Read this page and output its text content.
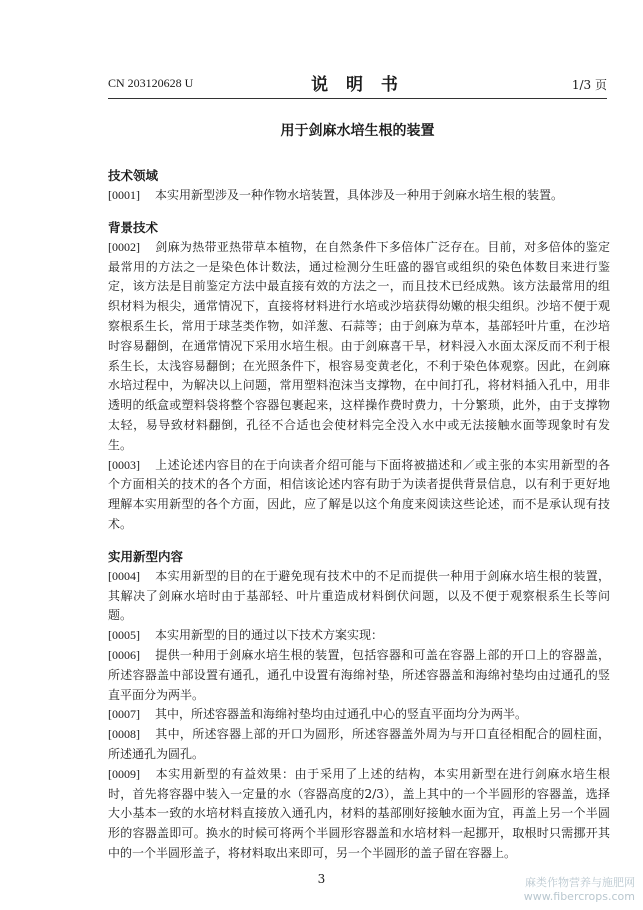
CN 203120628 U	说 明 书	1/3 页
用于剑麻水培生根的装置
技术领域

[0001] 本实用新型涉及一种作物水培装置，具体涉及一种用于剑麻水培生根的装置。

背景技术

[0002] 剑麻为热带亚热带草本植物，在自然条件下多倍体广泛存在。目前，对多倍体的鉴定最常用的方法之一是染色体计数法，通过检测分生旺盛的器官或组织的染色体数目来进行鉴定，该方法是目前鉴定方法中最直接有效的方法之一，而且技术已经成熟。该方法最常用的组织材料为根尖，通常情况下，直接将材料进行水培或沙培获得幼嫩的根尖组织。沙培不便于观察根系生长，常用于球茎类作物，如洋葱、石蒜等；由于剑麻为草本，基部轻叶片重，在沙培时容易翻倒，在通常情况下采用水培生根。由于剑麻喜干旱，材料浸入水面太深反而不利于根系生长，太浅容易翻倒；在光照条件下，根容易变黄老化，不利于染色体观察。因此，在剑麻水培过程中，为解决以上问题，常用塑料泡沫当支撑物，在中间打孔，将材料插入孔中，用非透明的纸盒或塑料袋将整个容器包裹起来，这样操作费时费力，十分繁琐，此外，由于支撑物太轻，易导致材料翻倒，孔径不合适也会使材料完全没入水中或无法接触水面等现象时有发生。

[0003] 上述论述内容目的在于向读者介绍可能与下面将被描述和／或主张的本实用新型的各个方面相关的技术的各个方面，相信该论述内容有助于为读者提供背景信息，以有利于更好地理解本实用新型的各个方面，因此，应了解是以这个角度来阅读这些论述，而不是承认现有技术。

实用新型内容

[0004] 本实用新型的目的在于避免现有技术中的不足而提供一种用于剑麻水培生根的装置，其解决了剑麻水培时由于基部轻、叶片重造成材料倒伏问题，以及不便于观察根系生长等问题。

[0005] 本实用新型的目的通过以下技术方案实现：

[0006] 提供一种用于剑麻水培生根的装置，包括容器和可盖在容器上部的开口上的容器盖，所述容器盖中部设置有通孔，通孔中设置有海绵衬垫，所述容器盖和海绵衬垫均由过通孔的竖直平面分为两半。

[0007] 其中，所述容器盖和海绵衬垫均由过通孔中心的竖直平面均分为两半。

[0008] 其中，所述容器上部的开口为圆形，所述容器盖外周为与开口直径相配合的圆柱面，所述通孔为圆孔。

[0009] 本实用新型的有益效果：由于采用了上述的结构，本实用新型在进行剑麻水培生根时，首先将容器中装入一定量的水（容器高度的2/3），盖上其中的一个半圆形的容器盖，选择大小基本一致的水培材料直接放入通孔内，材料的基部刚好接触水面为宜，再盖上另一个半圆形的容器盖即可。换水的时候可将两个半圆形容器盖和水培材料一起挪开，取根时只需挪开其中的一个半圆形盖子，将材料取出来即可，另一个半圆形的盖子留在容器上。

3	麻类作物营养与施肥网
www.fibercrops.com
